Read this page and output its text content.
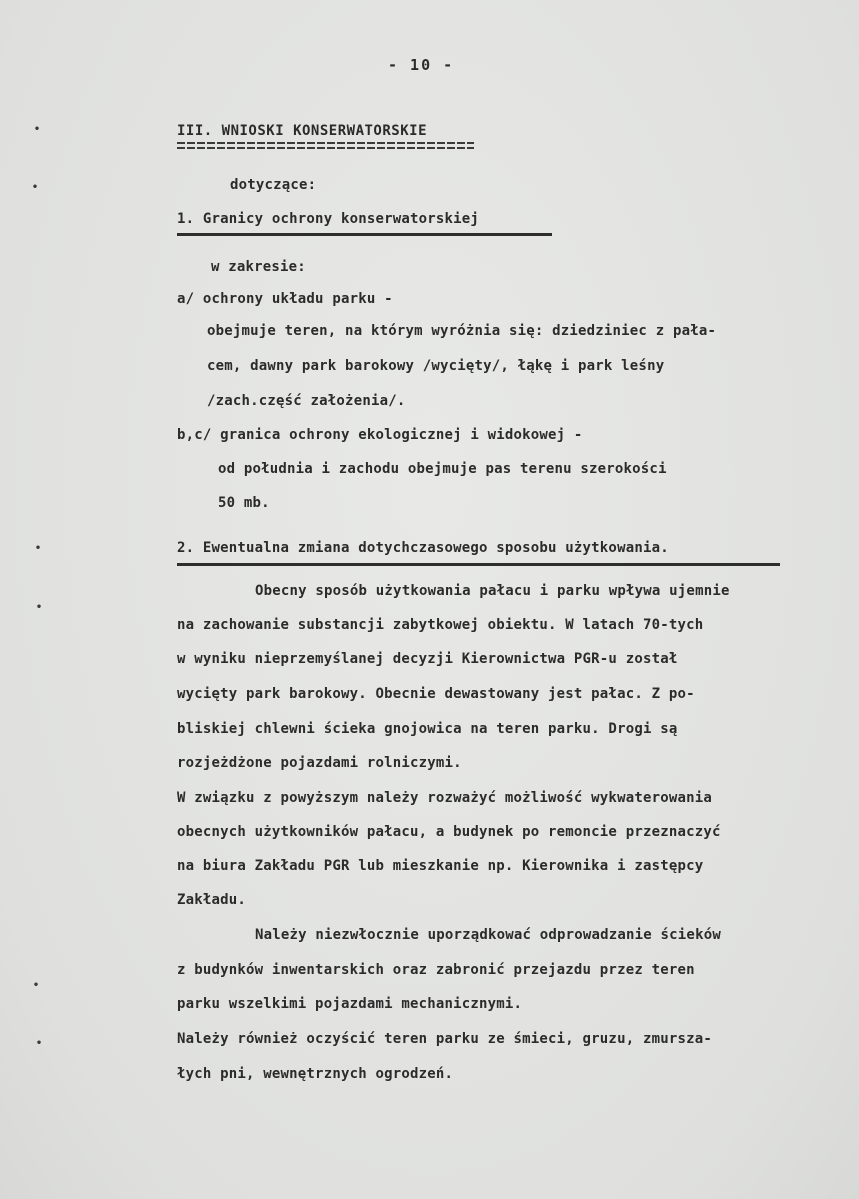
- 10 -
III. WNIOSKI KONSERWATORSKIE
dotyczące:
1. Granicy ochrony konserwatorskiej
w zakresie:
a/ ochrony układu parku -
obejmuje teren, na którym wyróżnia się: dziedziniec z pała-
cem, dawny park barokowy /wycięty/, łąkę i park leśny
/zach.część założenia/.
b,c/ granica ochrony ekologicznej i widokowej -
od południa i zachodu obejmuje pas terenu szerokości
50 mb.
2. Ewentualna zmiana dotychczasowego sposobu użytkowania.
Obecny sposób użytkowania pałacu i parku wpływa ujemnie
na zachowanie substancji zabytkowej obiektu. W latach 70-tych
w wyniku nieprzemyślanej decyzji Kierownictwa PGR-u został
wycięty park barokowy. Obecnie dewastowany jest pałac. Z po-
bliskiej chlewni ścieka gnojowica na teren parku. Drogi są
rozjeżdżone pojazdami rolniczymi.
W związku z powyższym należy rozważyć możliwość wykwaterowania
obecnych użytkowników pałacu, a budynek po remoncie przeznaczyć
na biura Zakładu PGR lub mieszkanie np. Kierownika i zastępcy
Zakładu.
Należy niezwłocznie uporządkować odprowadzanie ścieków
z budynków inwentarskich oraz zabronić przejazdu przez teren
parku wszelkimi pojazdami mechanicznymi.
Należy również oczyścić teren parku ze śmieci, gruzu, zmursza-
łych pni, wewnętrznych ogrodzeń.
•
•
•
•
•
•
